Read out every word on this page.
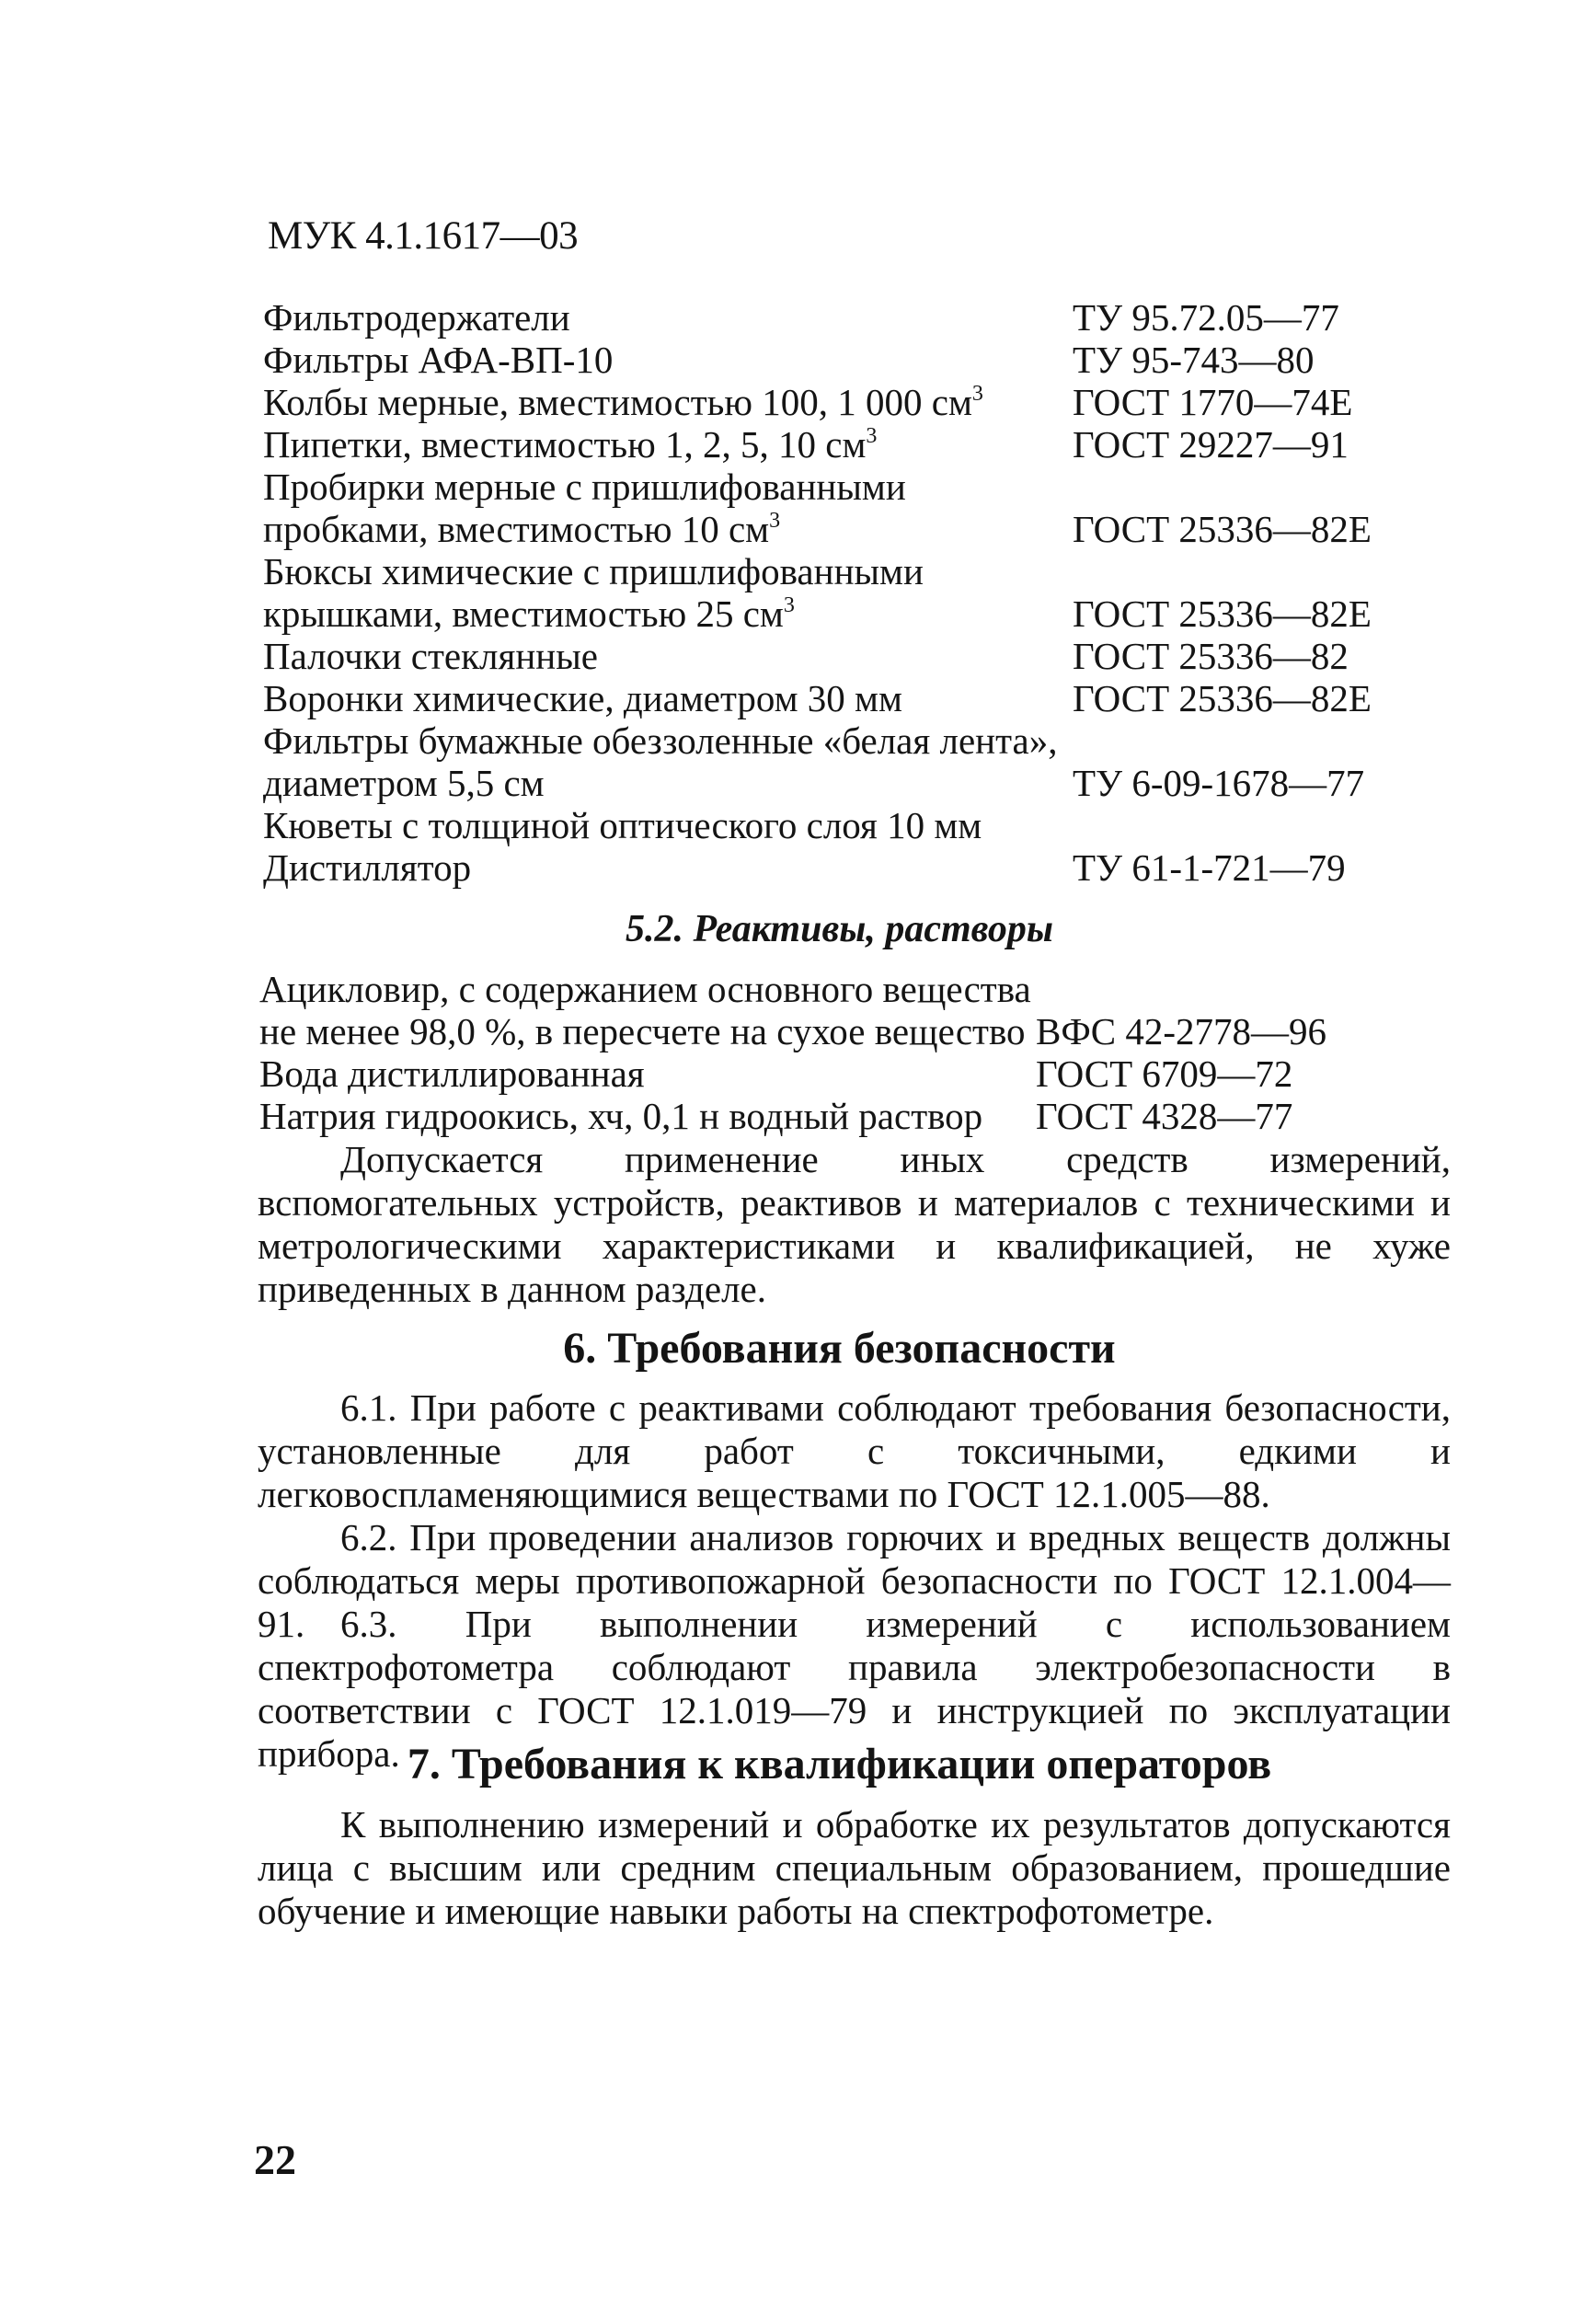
МУК 4.1.1617—03
Фильтродержатели	ТУ 95.72.05—77
Фильтры АФА-ВП-10	ТУ 95-743—80
Колбы мерные, вместимостью 100, 1 000 $см^3$ ГОСТ 1770—74Е
Пипетки, вместимостью 1, 2, 5, 10 $см^3$	ГОСТ 29227—91
Пробирки мерные с пришлифованными
пробками, вместимостью 10 $см^3$	ГОСТ 25336—82Е
Бюксы химические с пришлифованными
крышками, вместимостью 25 $см^3$	ГОСТ 25336—82Е
Палочки стеклянные	ГОСТ 25336—82
Воронки химические, диаметром 30 мм	ГОСТ 25336—82Е
Фильтры бумажные обеззоленные «белая лента»,
диаметром 5,5 см	ТУ 6-09-1678—77
Кюветы с толщиной оптического слоя 10 мм
Дистиллятор	ТУ 61-1-721—79
5.2. Реактивы, растворы
Ацикловир, с содержанием основного вещества
не менее 98,0 %, в пересчете на сухое вещество ВФС 42-2778—96
Вода дистиллированная	ГОСТ 6709—72
Натрия гидроокись, хч, 0,1 н водный раствор ГОСТ 4328—77

Допускается применение иных средств измерений, вспомогательных устройств, реактивов и материалов с техническими и метрологическими характеристиками и квалификацией, не хуже приведенных в данном разделе.

6. Требования безопасности

6.1. При работе с реактивами соблюдают требования безопасности, установленные для работ с токсичными, едкими и легковоспламеняющимися веществами по ГОСТ 12.1.005—88.

6.2. При проведении анализов горючих и вредных веществ должны соблюдаться меры противопожарной безопасности по ГОСТ 12.1.004—91. 6.3. При выполнении измерений с использованием спектрофотометра соблюдают правила электробезопасности в соответствии с ГОСТ 12.1.019—79 и инструкцией по эксплуатации прибора. 7. Требования к квалификации операторов

К выполнению измерений и обработке их результатов допускаются лица с высшим или средним специальным образованием, прошедшие обучение и имеющие навыки работы на спектрофотометре.

22
